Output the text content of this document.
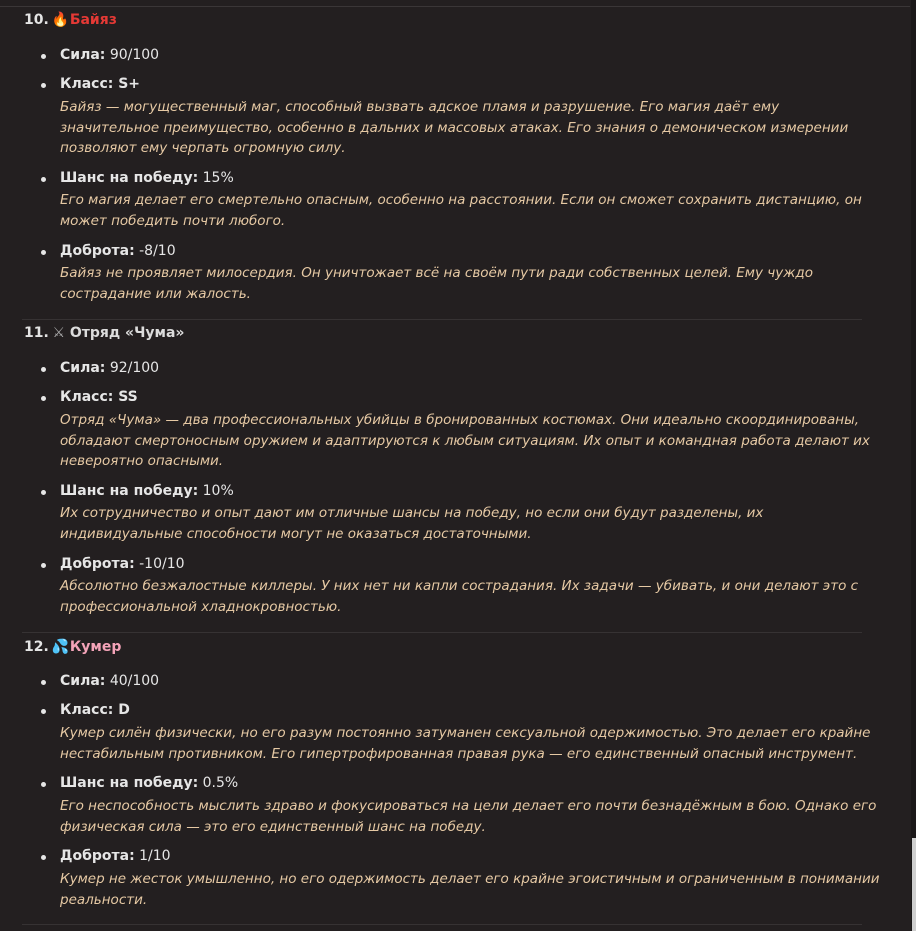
10. 🔥Байяз
Сила: 90/100
Класс: S+
Байяз — могущественный маг, способный вызвать адское пламя и разрушение. Его магия даёт ему значительное преимущество, особенно в дальних и массовых атаках. Его знания о демоническом измерении позволяют ему черпать огромную силу.
Шанс на победу: 15%
Его магия делает его смертельно опасным, особенно на расстоянии. Если он сможет сохранить дистанцию, он может победить почти любого.
Доброта: -8/10
Байяз не проявляет милосердия. Он уничтожает всё на своём пути ради собственных целей. Ему чуждо сострадание или жалость.
11. ⚔ Отряд «Чума»
Сила: 92/100
Класс: SS
Отряд «Чума» — два профессиональных убийцы в бронированных костюмах. Они идеально скоординированы, обладают смертоносным оружием и адаптируются к любым ситуациям. Их опыт и командная работа делают их невероятно опасными.
Шанс на победу: 10%
Их сотрудничество и опыт дают им отличные шансы на победу, но если они будут разделены, их индивидуальные способности могут не оказаться достаточными.
Доброта: -10/10
Абсолютно безжалостные киллеры. У них нет ни капли сострадания. Их задачи — убивать, и они делают это с профессиональной хладнокровностью.
12. 💦Кумер
Сила: 40/100
Класс: D
Кумер силён физически, но его разум постоянно затуманен сексуальной одержимостью. Это делает его крайне нестабильным противником. Его гипертрофированная правая рука — его единственный опасный инструмент.
Шанс на победу: 0.5%
Его неспособность мыслить здраво и фокусироваться на цели делает его почти безнадёжным в бою. Однако его физическая сила — это его единственный шанс на победу.
Доброта: 1/10
Кумер не жесток умышленно, но его одержимость делает его крайне эгоистичным и ограниченным в понимании реальности.
